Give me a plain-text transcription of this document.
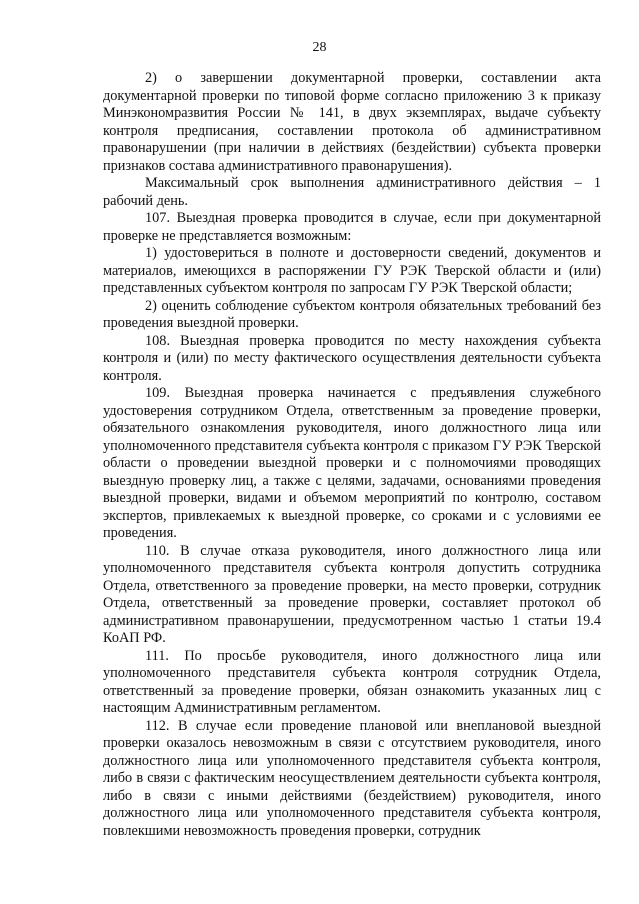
28

2) о завершении документарной проверки, составлении акта документарной проверки по типовой форме согласно приложению 3 к приказу Минэкономразвития России № 141, в двух экземплярах, выдаче субъекту контроля предписания, составлении протокола об административном правонарушении (при наличии в действиях (бездействии) субъекта проверки признаков состава административного правонарушения).

Максимальный срок выполнения административного действия – 1 рабочий день.

107. Выездная проверка проводится в случае, если при документарной проверке не представляется возможным:

1) удостовериться в полноте и достоверности сведений, документов и материалов, имеющихся в распоряжении ГУ РЭК Тверской области и (или) представленных субъектом контроля по запросам ГУ РЭК Тверской области;

2) оценить соблюдение субъектом контроля обязательных требований без проведения выездной проверки.

108. Выездная проверка проводится по месту нахождения субъекта контроля и (или) по месту фактического осуществления деятельности субъекта контроля.

109. Выездная проверка начинается с предъявления служебного удостоверения сотрудником Отдела, ответственным за проведение проверки, обязательного ознакомления руководителя, иного должностного лица или уполномоченного представителя субъекта контроля с приказом ГУ РЭК Тверской области о проведении выездной проверки и с полномочиями проводящих выездную проверку лиц, а также с целями, задачами, основаниями проведения выездной проверки, видами и объемом мероприятий по контролю, составом экспертов, привлекаемых к выездной проверке, со сроками и с условиями ее проведения.

110. В случае отказа руководителя, иного должностного лица или уполномоченного представителя субъекта контроля допустить сотрудника Отдела, ответственного за проведение проверки, на место проверки, сотрудник Отдела, ответственный за проведение проверки, составляет протокол об административном правонарушении, предусмотренном частью 1 статьи 19.4 КоАП РФ.

111. По просьбе руководителя, иного должностного лица или уполномоченного представителя субъекта контроля сотрудник Отдела, ответственный за проведение проверки, обязан ознакомить указанных лиц с настоящим Административным регламентом.

112. В случае если проведение плановой или внеплановой выездной проверки оказалось невозможным в связи с отсутствием руководителя, иного должностного лица или уполномоченного представителя субъекта контроля, либо в связи с фактическим неосуществлением деятельности субъекта контроля, либо в связи с иными действиями (бездействием) руководителя, иного должностного лица или уполномоченного представителя субъекта контроля, повлекшими невозможность проведения проверки, сотрудник
